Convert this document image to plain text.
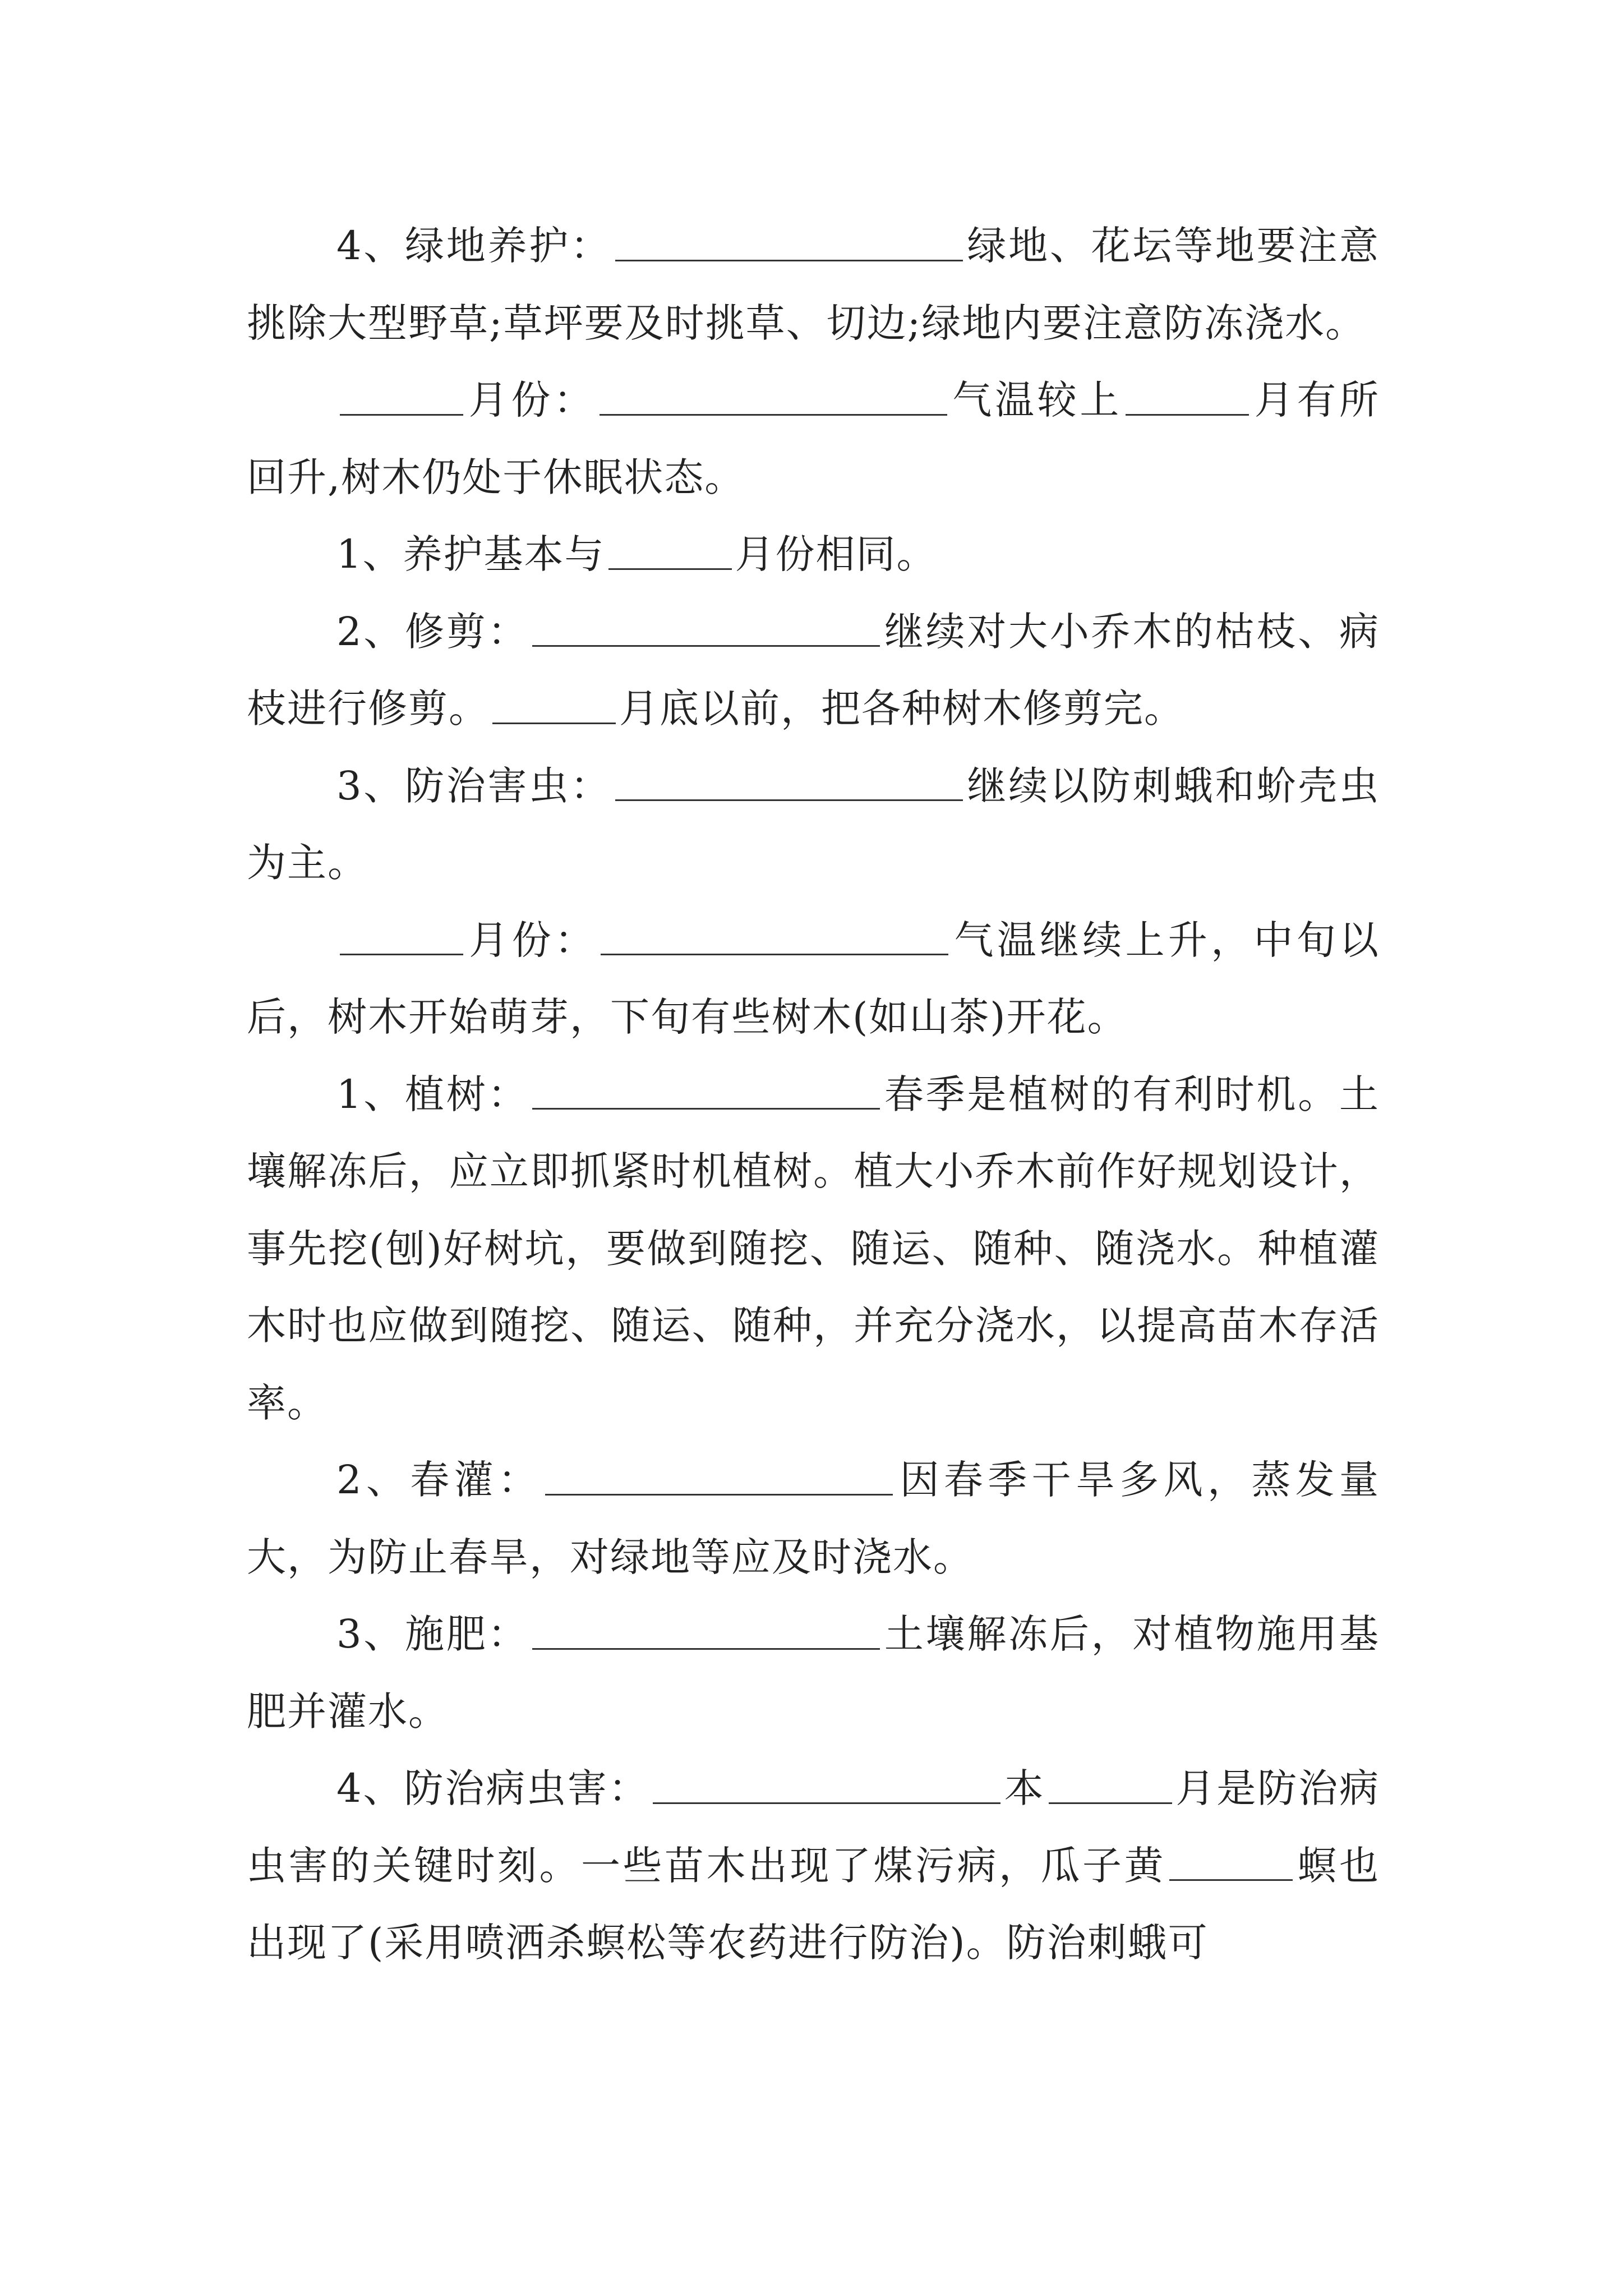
4、绿地养护：	绿地、花坛等地要注意挑除大型野草;草坪要及时挑草、切边;绿地内要注意防冻浇水。

月份：	气温较上	月有所回升,树木仍处于休眠状态。

1、养护基本与	月份相同。

2、修剪：	继续对大小乔木的枯枝、病枝进行修剪。	月底以前，把各种树木修剪完。

3、防治害虫：	继续以防刺蛾和蚧壳虫为主。

月份：	气温继续上升，中旬以后，树木开始萌芽，下旬有些树木(如山茶)开花。

1、植树：	春季是植树的有利时机。土壤解冻后，应立即抓紧时机植树。植大小乔木前作好规划设计，事先挖(刨)好树坑，要做到随挖、随运、随种、随浇水。种植灌木时也应做到随挖、随运、随种，并充分浇水，以提高苗木存活率。

2、春灌：	因春季干旱多风，蒸发量大，为防止春旱，对绿地等应及时浇水。

3、施肥：	土壤解冻后，对植物施用基肥并灌水。

4、防治病虫害：	本	月是防治病虫害的关键时刻。一些苗木出现了煤污病，瓜子黄	螟也出现了(采用喷洒杀螟松等农药进行防治)。防治刺蛾可
